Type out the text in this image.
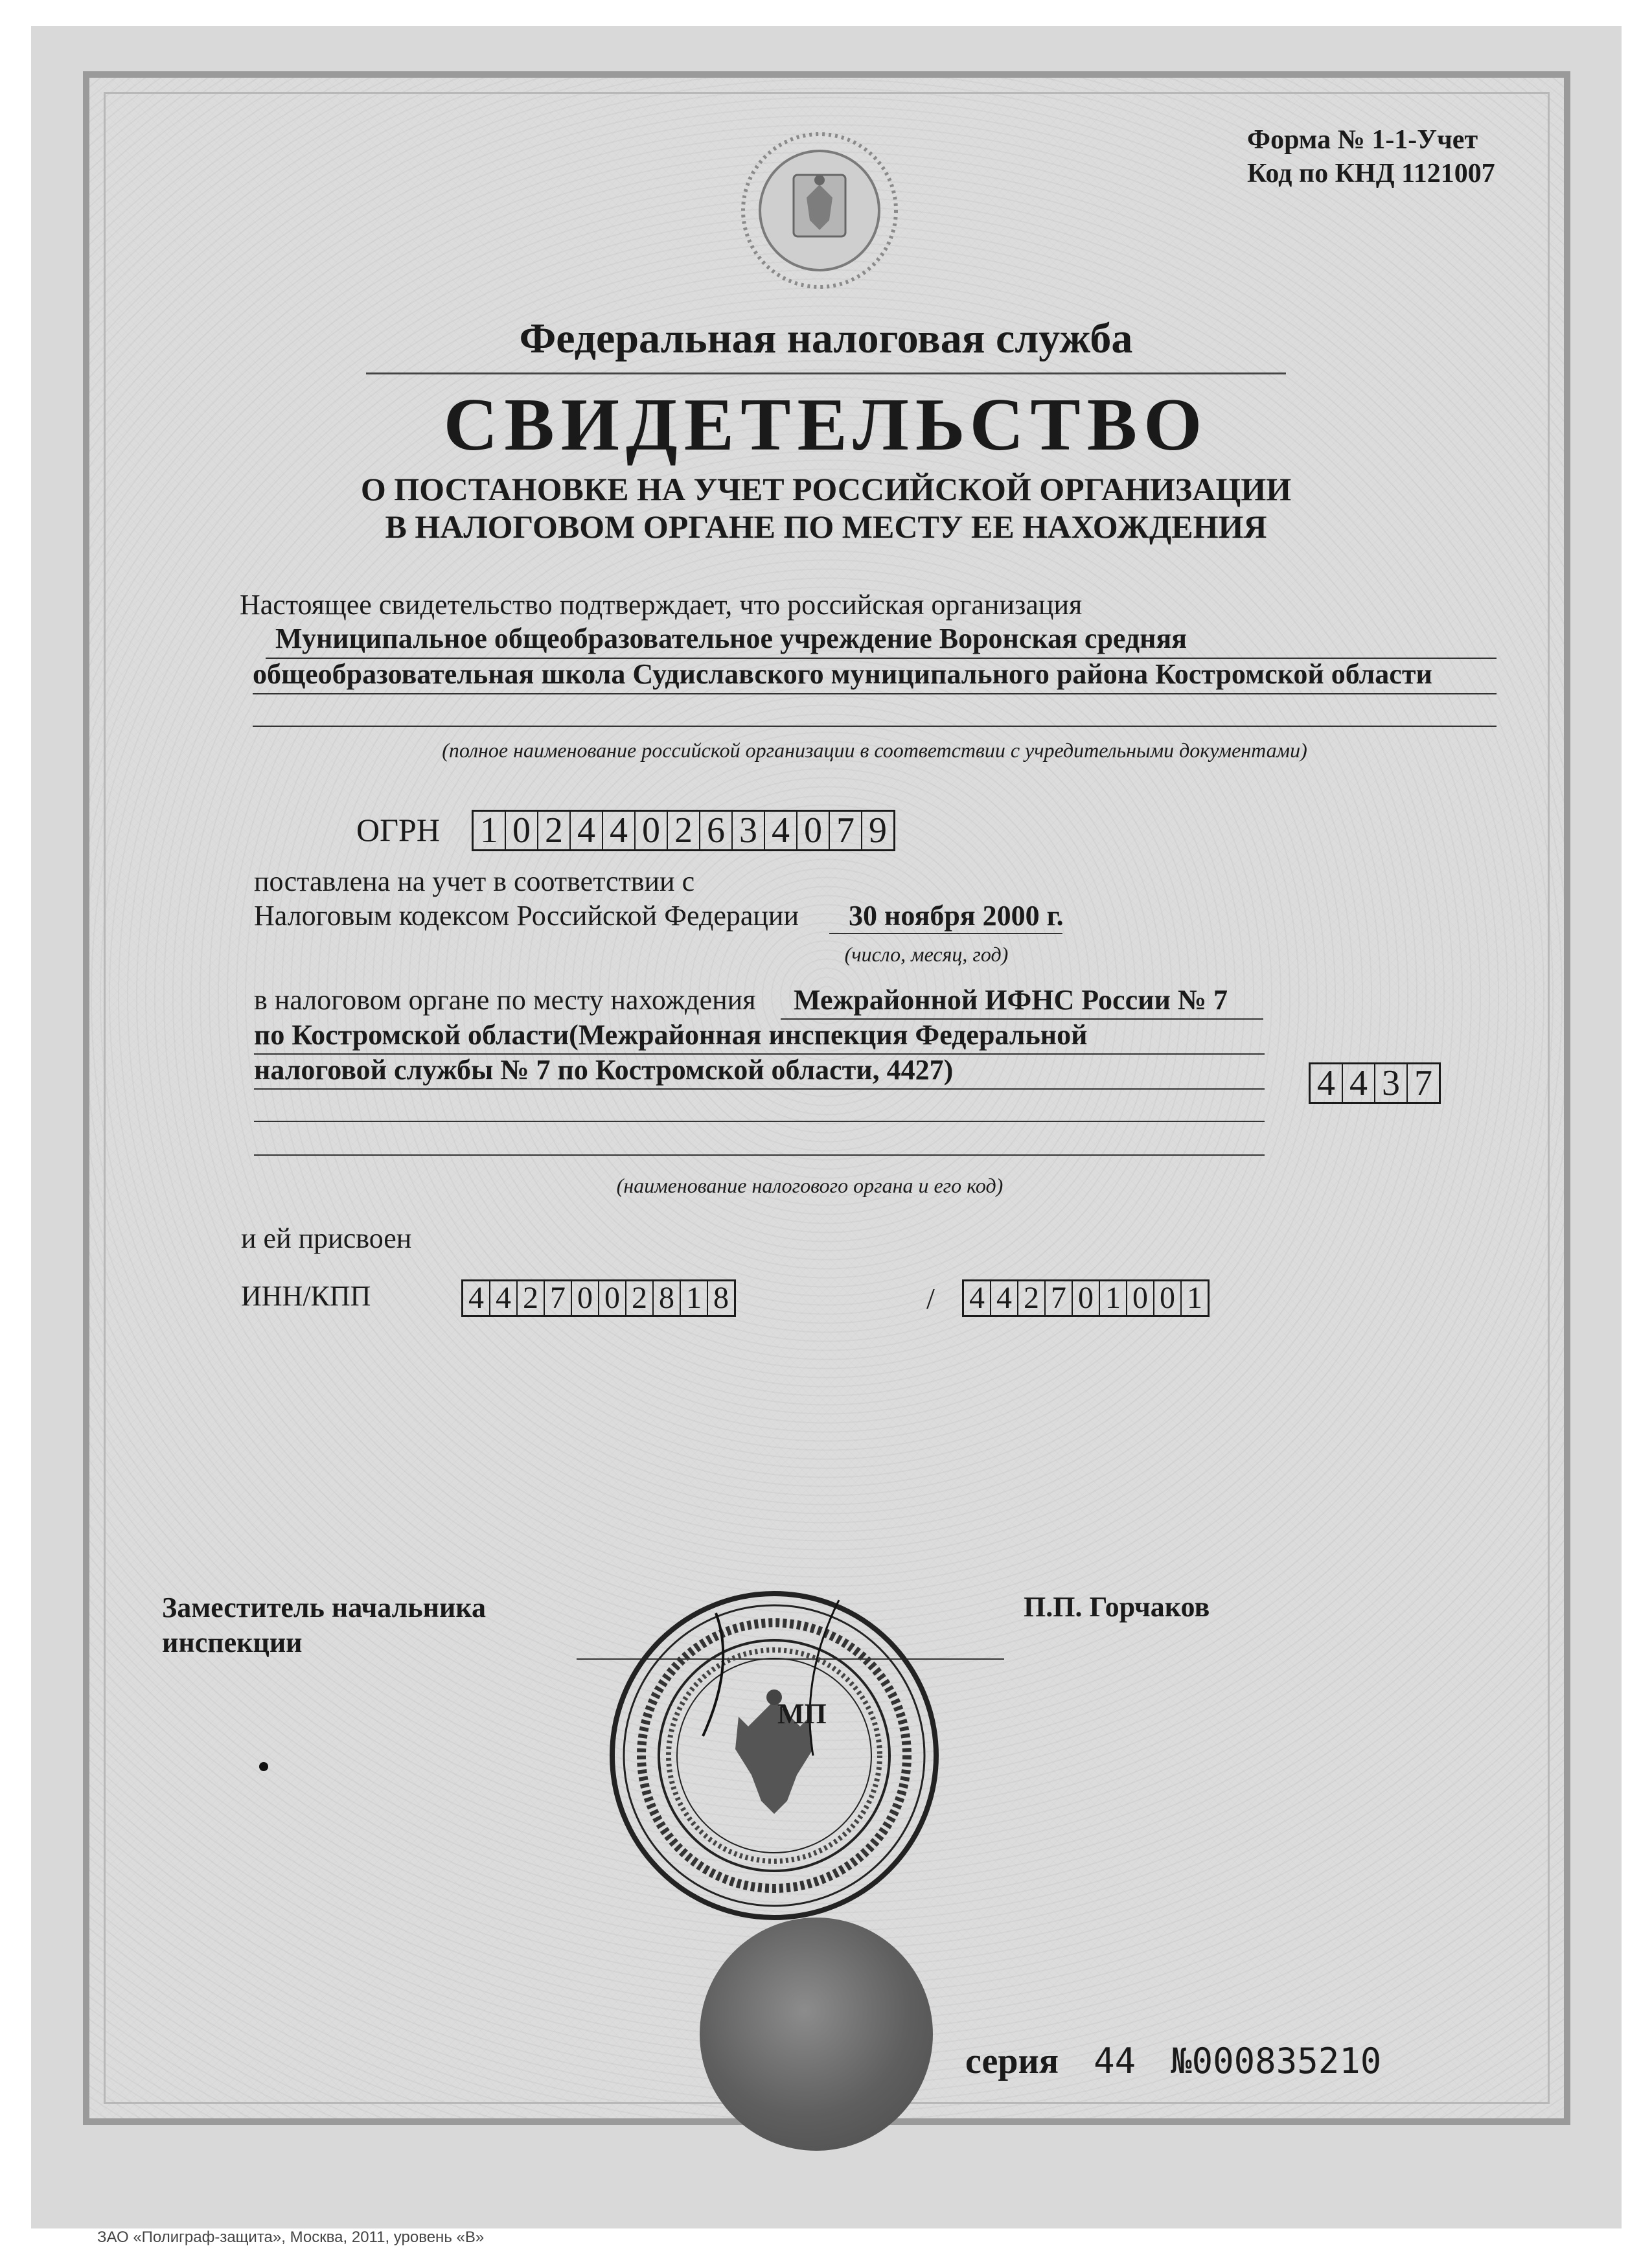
Форма № 1-1-Учет
Код по КНД 1121007
Федеральная налоговая служба
СВИДЕТЕЛЬСТВО
О ПОСТАНОВКЕ НА УЧЕТ РОССИЙСКОЙ ОРГАНИЗАЦИИ
В НАЛОГОВОМ ОРГАНЕ ПО МЕСТУ ЕЕ НАХОЖДЕНИЯ
Настоящее свидетельство подтверждает, что российская организация
Муниципальное общеобразовательное учреждение Воронская средняя
общеобразовательная школа Судиславского муниципального района Костромской области
(полное наименование российской организации в соответствии с учредительными документами)
ОГРН 1 0 2 4 4 0 2 6 3 4 0 7 9
поставлена на учет в соответствии с
Налоговым кодексом Российской Федерации 30 ноября 2000 г.
(число, месяц, год)
в налоговом органе по месту нахождения Межрайонной ИФНС России № 7
по Костромской области(Межрайонная инспекция Федеральной
налоговой службы № 7 по Костромской области, 4427)	4 4 3 7
(наименование налогового органа и его код)
и ей присвоен
ИНН/КПП	4 4 2 7 0 0 2 8 1 8	/ 4 4 2 7 0 1 0 0 1
Заместитель начальника
инспекции
П.П. Горчаков
МП
серия 44 №000835210
ЗАО «Полиграф-защита», Москва, 2011, уровень «В»
